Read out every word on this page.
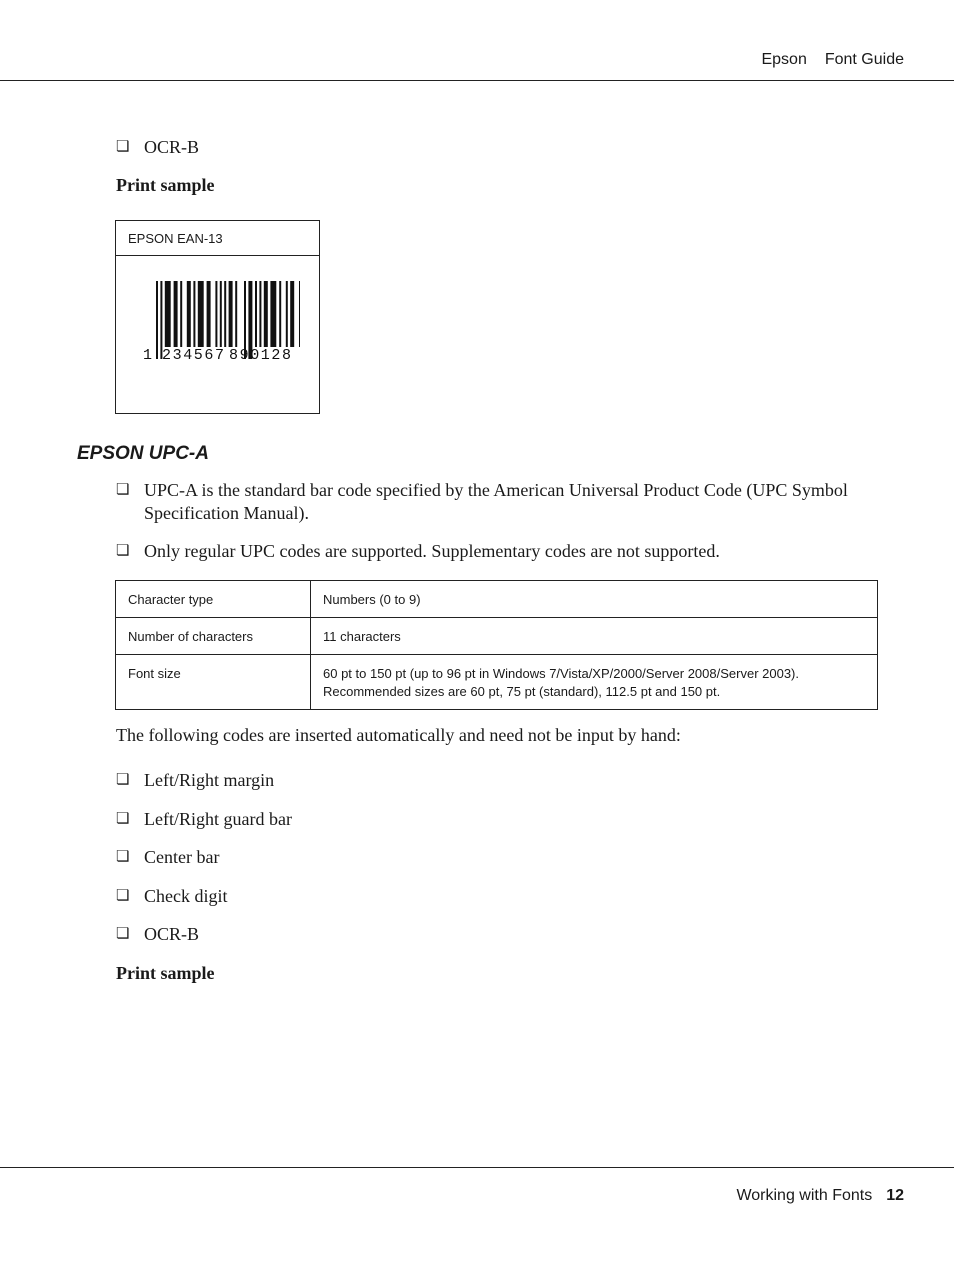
Epson Font Guide
❏ OCR-B
Print sample
EPSON EAN-13
1 234567 890128
EPSON UPC-A
❏ UPC-A is the standard bar code specified by the American Universal Product Code (UPC Symbol Specification Manual).
❏ Only regular UPC codes are supported. Supplementary codes are not supported.
Character type	Numbers (0 to 9)
Number of characters	11 characters
Font size	60 pt to 150 pt (up to 96 pt in Windows 7/Vista/XP/2000/Server 2008/Server 2003).
Recommended sizes are 60 pt, 75 pt (standard), 112.5 pt and 150 pt.
The following codes are inserted automatically and need not be input by hand:
❏ Left/Right margin
❏ Left/Right guard bar
❏ Center bar
❏ Check digit
❏ OCR-B
Print sample
Working with Fonts 12
